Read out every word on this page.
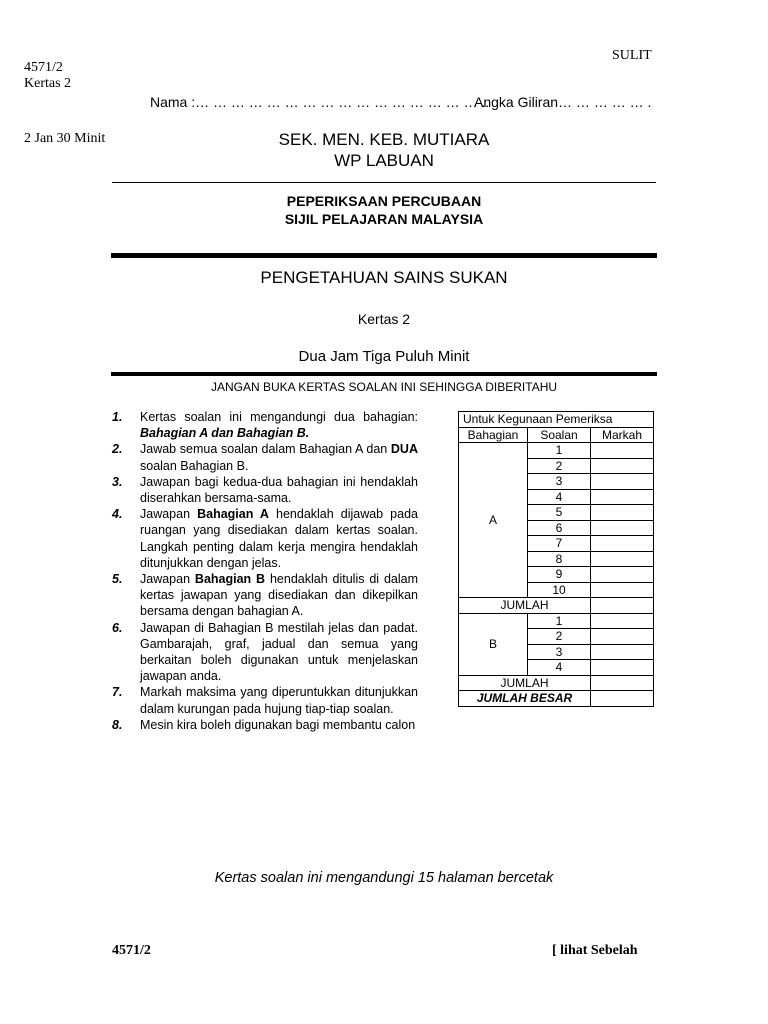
SULIT
4571/2
Kertas 2
Nama :… … … … … … … … … … … … … … … … ..
Angka Giliran… … … … … .
2 Jan 30 Minit	SEK. MEN. KEB. MUTIARA
WP LABUAN
PEPERIKSAAN PERCUBAAN
SIJIL PELAJARAN MALAYSIA
PENGETAHUAN SAINS SUKAN
Kertas 2
Dua Jam Tiga Puluh Minit
JANGAN BUKA KERTAS SOALAN INI SEHINGGA DIBERITAHU
1.	Kertas soalan ini mengandungi dua bahagian: Bahagian A dan Bahagian B.
2.	Jawab semua soalan dalam Bahagian A dan DUA soalan Bahagian B.
3.	Jawapan bagi kedua-dua bahagian ini hendaklah diserahkan bersama-sama.
4.	Jawapan Bahagian A hendaklah dijawab pada ruangan yang disediakan dalam kertas soalan. Langkah penting dalam kerja mengira hendaklah ditunjukkan dengan jelas.
5.	Jawapan Bahagian B hendaklah ditulis di dalam kertas jawapan yang disediakan dan dikepilkan bersama dengan bahagian A.
6.	Jawapan di Bahagian B mestilah jelas dan padat. Gambarajah, graf, jadual dan semua yang berkaitan boleh digunakan untuk menjelaskan jawapan anda.
7.	Markah maksima yang diperuntukkan ditunjukkan dalam kurungan pada hujung tiap-tiap soalan.
8.	Mesin kira boleh digunakan bagi membantu calon
Untuk Kegunaan Pemeriksa		
Bahagian	Soalan	Markah
A	1	
	2	
	3	
	4	
	5	
	6	
	7	
	8	
	9	
	10	
JUMLAH		
B	1	
	2	
	3	
	4	
JUMLAH		
JUMLAH BESAR		
Kertas soalan ini mengandungi 15 halaman bercetak
4571/2	[ lihat Sebelah
